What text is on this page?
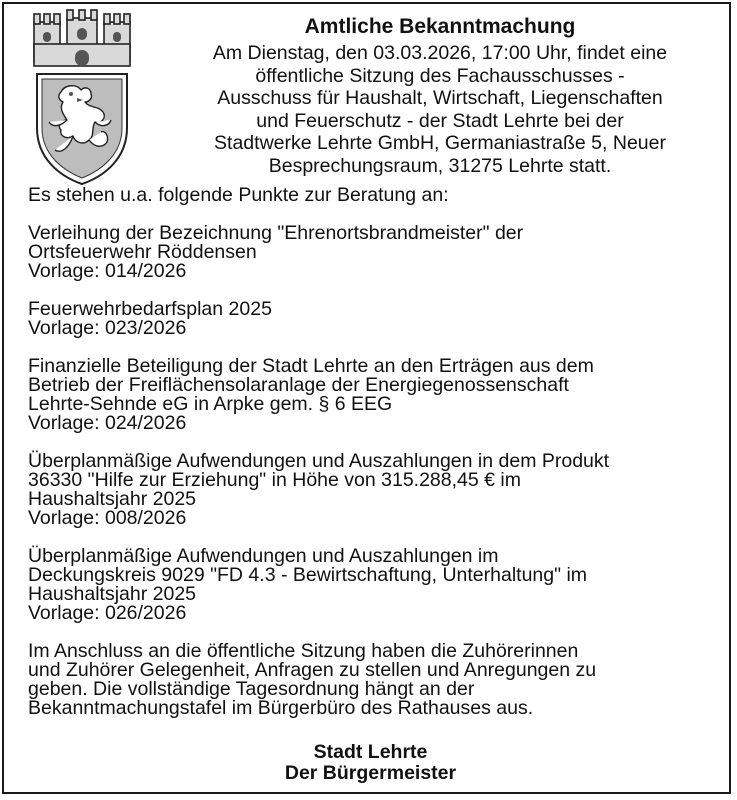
Amtliche Bekanntmachung
Am Dienstag, den 03.03.2026, 17:00 Uhr, findet eine
öffentliche Sitzung des Fachausschusses -
Ausschuss für Haushalt, Wirtschaft, Liegenschaften
und Feuerschutz - der Stadt Lehrte bei der
Stadtwerke Lehrte GmbH, Germaniastraße 5, Neuer
Besprechungsraum, 31275 Lehrte statt.
Es stehen u.a. folgende Punkte zur Beratung an:
Verleihung der Bezeichnung "Ehrenortsbrandmeister" der
Ortsfeuerwehr Röddensen
Vorlage: 014/2026
Feuerwehrbedarfsplan 2025
Vorlage: 023/2026
Finanzielle Beteiligung der Stadt Lehrte an den Erträgen aus dem
Betrieb der Freiflächensolaranlage der Energiegenossenschaft
Lehrte-Sehnde eG in Arpke gem. § 6 EEG
Vorlage: 024/2026
Überplanmäßige Aufwendungen und Auszahlungen in dem Produkt
36330 "Hilfe zur Erziehung" in Höhe von 315.288,45 € im
Haushaltsjahr 2025
Vorlage: 008/2026
Überplanmäßige Aufwendungen und Auszahlungen im
Deckungskreis 9029 "FD 4.3 - Bewirtschaftung, Unterhaltung" im
Haushaltsjahr 2025
Vorlage: 026/2026
Im Anschluss an die öffentliche Sitzung haben die Zuhörerinnen
und Zuhörer Gelegenheit, Anfragen zu stellen und Anregungen zu
geben. Die vollständige Tagesordnung hängt an der
Bekanntmachungstafel im Bürgerbüro des Rathauses aus.
Stadt Lehrte
Der Bürgermeister
